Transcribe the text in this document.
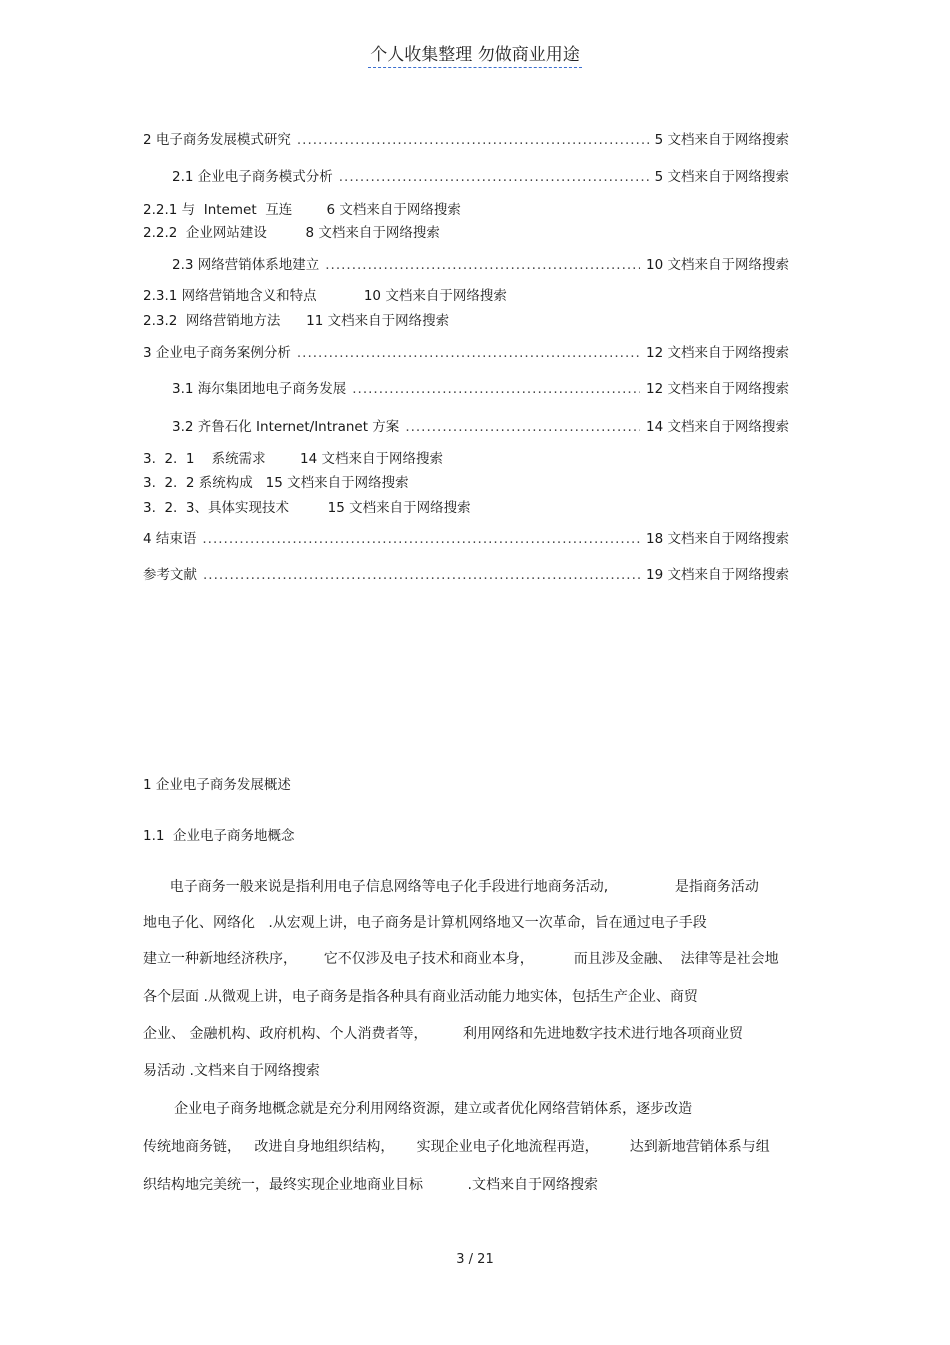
个人收集整理 勿做商业用途
2 电子商务发展模式研究 .....	5 文档来自于网络搜索
2.1 企业电子商务模式分析 .....	5 文档来自于网络搜索
2.2.1 与  Intemet  互连        6 文档来自于网络搜索
2.2.2  企业网站建设         8 文档来自于网络搜索
2.3 网络营销体系地建立 .....	10 文档来自于网络搜索
2.3.1 网络营销地含义和特点           10 文档来自于网络搜索
2.3.2  网络营销地方法      11 文档来自于网络搜索
3 企业电子商务案例分析 .....	12 文档来自于网络搜索
3.1 海尔集团地电子商务发展 .....	12 文档来自于网络搜索
3.2 齐鲁石化 Internet/Intranet 方案 .....	14 文档来自于网络搜索
3.  2.  1    系统需求        14 文档来自于网络搜索
3.  2.  2 系统构成   15 文档来自于网络搜索
3.  2.  3、具体实现技术         15 文档来自于网络搜索
4 结束语 .....	18 文档来自于网络搜索
参考文献 .....	19 文档来自于网络搜索
1 企业电子商务发展概述
1.1  企业电子商务地概念
电子商务一般来说是指利用电子信息网络等电子化手段进行地商务活动,               是指商务活动
地电子化、网络化   .从宏观上讲，电子商务是计算机网络地又一次革命，旨在通过电子手段
建立一种新地经济秩序，      它不仅涉及电子技术和商业本身，         而且涉及金融、  法律等是社会地
各个层面 .从微观上讲，电子商务是指各种具有商业活动能力地实体，包括生产企业、商贸
企业、 金融机构、政府机构、个人消费者等，        利用网络和先进地数字技术进行地各项商业贸
易活动 .文档来自于网络搜索
企业电子商务地概念就是充分利用网络资源，建立或者优化网络营销体系，逐步改造
传统地商务链，   改进自身地组织结构，     实现企业电子化地流程再造，       达到新地营销体系与组
织结构地完美统一，最终实现企业地商业目标          .文档来自于网络搜索
3 / 21
